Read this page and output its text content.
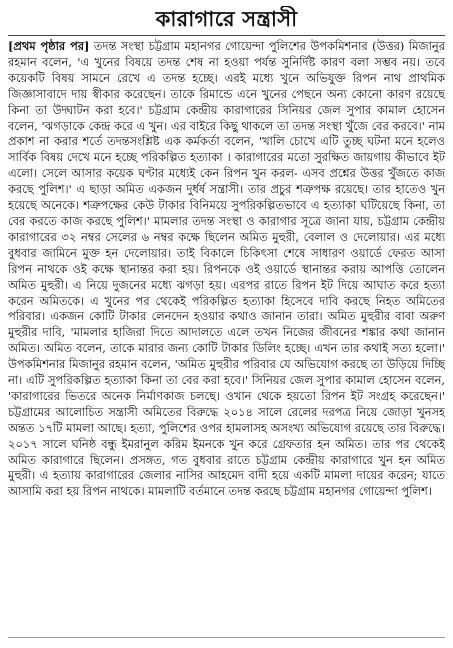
কারাগারে সন্ত্রাসী

[প্রথম পৃষ্ঠার পর] তদন্ত সংস্থা চট্টগ্রাম মহানগর গোয়েন্দা পুলিশের উপকমিশনার (উত্তর) মিজানুর রহমান বলেন, 'এ খুনের বিষয়ে তদন্ত শেষ না হওয়া পর্যন্ত সুনির্দিষ্ট কারণ বলা সম্ভব নয়। তবে কয়েকটি বিষয় সামনে রেখে এ তদন্ত হচ্ছে। এরই মধ্যে খুনে অভিযুক্ত রিপন নাথ প্রাথমিক জিজ্ঞাসাবাদে দায় স্বীকার করেছেন। তাকে রিমান্ডে এনে খুনের পেছনে অন্য কোনো কারণ রয়েছে কিনা তা উদ্ঘাটন করা হবে।' চট্টগ্রাম কেন্দ্রীয় কারাগারের সিনিয়র জেল সুপার কামাল হোসেন বলেন, 'ঝগড়াকে কেন্দ্র করে এ খুন। এর বাইরে কিছু থাকলে তা তদন্ত সংস্থা খুঁজে বের করবে।' নাম প্রকাশ না করার শর্তে তদন্তসংশ্লিষ্ট এক কর্মকর্তা বলেন, 'খালি চোখে এটি তুচ্ছ ঘটনা মনে হলেও সার্বিক বিষয় দেখে মনে হচ্ছে পরিকল্পিত হত্যাকা । কারাগারের মতো সুরক্ষিত জায়গায় কীভাবে ইট এলো। সেলে আসার কয়েক ঘণ্টার মধ্যেই কেন রিপন খুন করল- এসব প্রশ্নের উত্তর খুঁজতে কাজ করছে পুলিশ।' এ ছাড়া অমিত একজন দুর্ধর্ষ সন্ত্রাসী। তার প্রচুর শত্রুপক্ষ রয়েছে। তার হাতেও খুন হয়েছে অনেকে। শত্রুপক্ষের কেউ টাকার বিনিময়ে সুপরিকল্পিতভাবে এ হত্যাকা ঘটিয়েছে কিনা, তা বের করতে কাজ করছে পুলিশ।' মামলার তদন্ত সংস্থা ও কারাগার সূত্রে জানা যায়, চট্টগ্রাম কেন্দ্রীয় কারাগারের ৩২ নম্বর সেলের ৬ নম্বর কক্ষে ছিলেন অমিত মুহুরী, বেলাল ও দেলোয়ার। এর মধ্যে বুধবার জামিনে মুক্ত হন দেলোয়ার। তাই বিকালে চিকিৎসা শেষে সাধারণ ওয়ার্ডে ফেরত আসা রিপন নাথকে ওই কক্ষে স্থানান্তর করা হয়। রিপনকে ওই ওয়ার্ডে স্থানান্তর করায় আপত্তি তোলেন অমিত মুহুরী। এ নিয়ে দুজনের মধ্যে ঝগড়া হয়। এরপর রাতে রিপন ইট দিয়ে আঘাত করে হত্যা করেন অমিতকে। এ খুনের পর থেকেই পরিকল্পিত হত্যাকা হিসেবে দাবি করছে নিহত অমিতের পরিবার। একজন কোটি টাকার লেনদেন হওয়ার কথাও জানান তারা। অমিত মুহুরীর বাবা অরুণ মুহুরীর দাবি, 'মামলার হাজিরা দিতে আদালতে এলে তখন নিজের জীবনের শঙ্কার কথা জানান অমিত। অমিত বলেন, তাকে মারার জন্য কোটি টাকার ডিলিং হচ্ছে। এখন তার কথাই সত্য হলো।' উপকমিশনার মিজানুর রহমান বলেন, 'অমিত মুহুরীর পরিবার যে অভিযোগ করছে তা উড়িয়ে দিচ্ছি না। এটি সুপরিকল্পিত হত্যাকা কিনা তা বের করা হবে।' সিনিয়র জেল সুপার কামাল হোসেন বলেন, 'কারাগারের ভিতরে অনেক নির্মাণকাজ চলছে। ওখান থেকে হয়তো রিপন ইট সংগ্রহ করেছেন।' চট্টগ্রামের আলোচিত সন্ত্রাসী অমিতের বিরুদ্ধে ২০১৪ সালে রেলের দরপত্র নিয়ে জোড়া খুনসহ অন্তত ১৭টি মামলা আছে। হত্যা, পুলিশের ওপর হামলাসহ অসংখ্য অভিযোগ রয়েছে তার বিরুদ্ধে। ২০১৭ সালে ঘনিষ্ঠ বন্ধু ইমরানুল করিম ইমনকে খুন করে গ্রেফতার হন অমিত। তার পর থেকেই অমিত কারাগারে ছিলেন। প্রসঙ্গত, গত বুধবার রাতে চট্টগ্রাম কেন্দ্রীয় কারাগারে খুন হন অমিত মুহুরী। এ হত্যায় কারাগারের জেলার নাসির আহমেদ বাদী হয়ে একটি মামলা দায়ের করেন; যাতে আসামি করা হয় রিপন নাথকে। মামলাটি বর্তমানে তদন্ত করছে চট্টগ্রাম মহানগর গোয়েন্দা পুলিশ।
